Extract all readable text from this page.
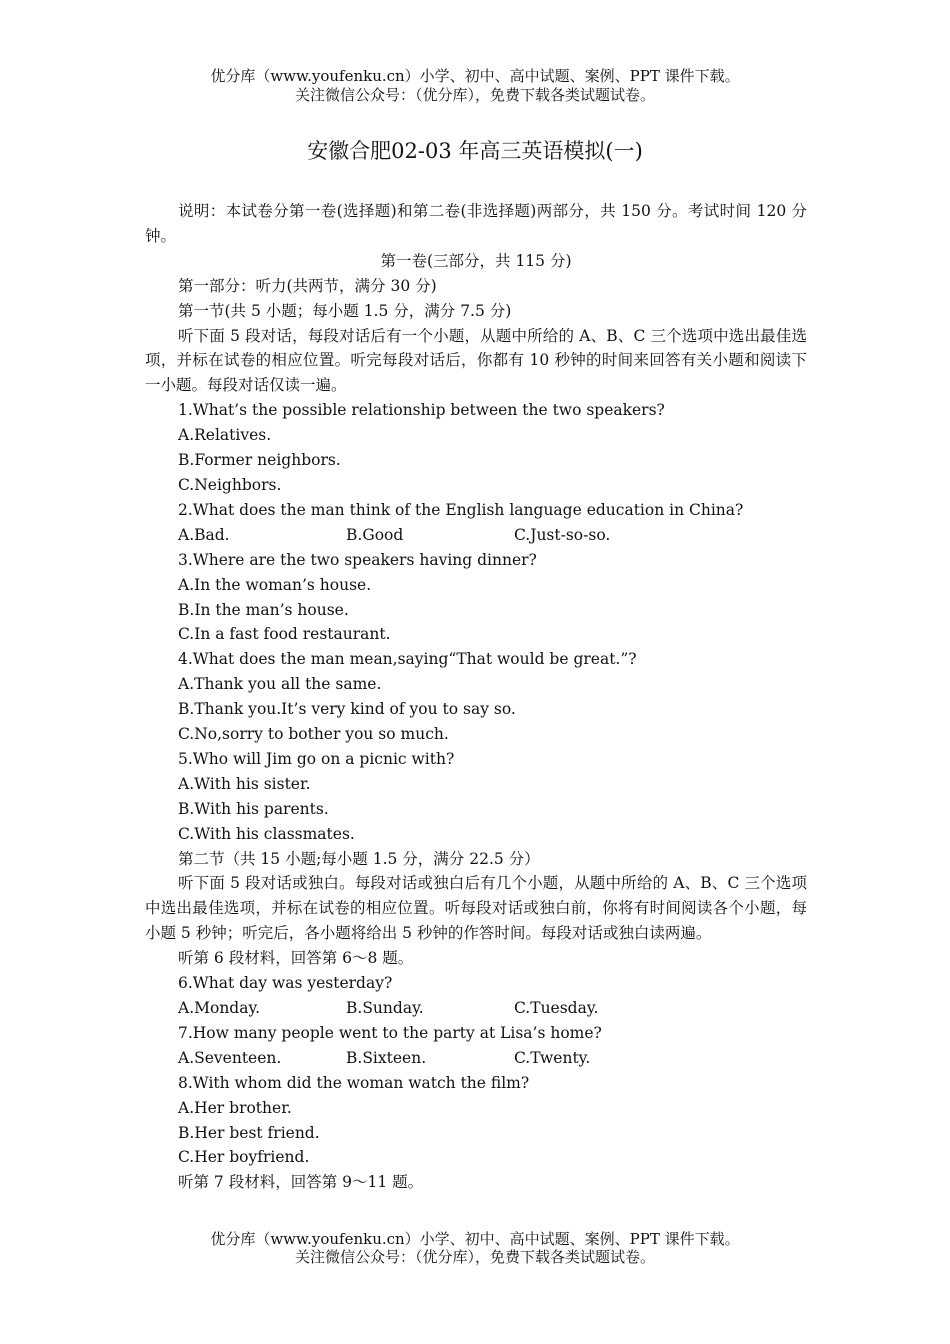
优分库（www.youfenku.cn）小学、初中、高中试题、案例、PPT 课件下载。
关注微信公众号：（优分库），免费下载各类试题试卷。
安徽合肥02-03 年高三英语模拟(一)

说明：本试卷分第一卷(选择题)和第二卷(非选择题)两部分，共 150 分。考试时间 120 分钟。

第一卷(三部分，共 115 分)

第一部分：听力(共两节，满分 30 分)

第一节(共 5 小题；每小题 1.5 分，满分 7.5 分)

听下面 5 段对话，每段对话后有一个小题，从题中所给的 A、B、C 三个选项中选出最佳选项，并标在试卷的相应位置。听完每段对话后，你都有 10 秒钟的时间来回答有关小题和阅读下一小题。每段对话仅读一遍。

1.What’s the possible relationship between the two speakers?

A.Relatives.

B.Former neighbors.

C.Neighbors.

2.What does the man think of the English language education in China?

A.Bad.	B.Good	C.Just-so-so.

3.Where are the two speakers having dinner?

A.In the woman’s house.

B.In the man’s house.

C.In a fast food restaurant.

4.What does the man mean,saying“That would be great.”?

A.Thank you all the same.

B.Thank you.It’s very kind of you to say so.

C.No,sorry to bother you so much.

5.Who will Jim go on a picnic with?

A.With his sister.

B.With his parents.

C.With his classmates.

第二节（共 15 小题;每小题 1.5 分，满分 22.5 分）

听下面 5 段对话或独白。每段对话或独白后有几个小题，从题中所给的 A、B、C 三个选项中选出最佳选项，并标在试卷的相应位置。听每段对话或独白前，你将有时间阅读各个小题，每小题 5 秒钟；听完后，各小题将给出 5 秒钟的作答时间。每段对话或独白读两遍。

听第 6 段材料，回答第 6～8 题。

6.What day was yesterday?

A.Monday.	B.Sunday.	C.Tuesday.

7.How many people went to the party at Lisa’s home?

A.Seventeen.	B.Sixteen.	C.Twenty.

8.With whom did the woman watch the film?

A.Her brother.

B.Her best friend.

C.Her boyfriend.

听第 7 段材料，回答第 9～11 题。

优分库（www.youfenku.cn）小学、初中、高中试题、案例、PPT 课件下载。
关注微信公众号：（优分库），免费下载各类试题试卷。
